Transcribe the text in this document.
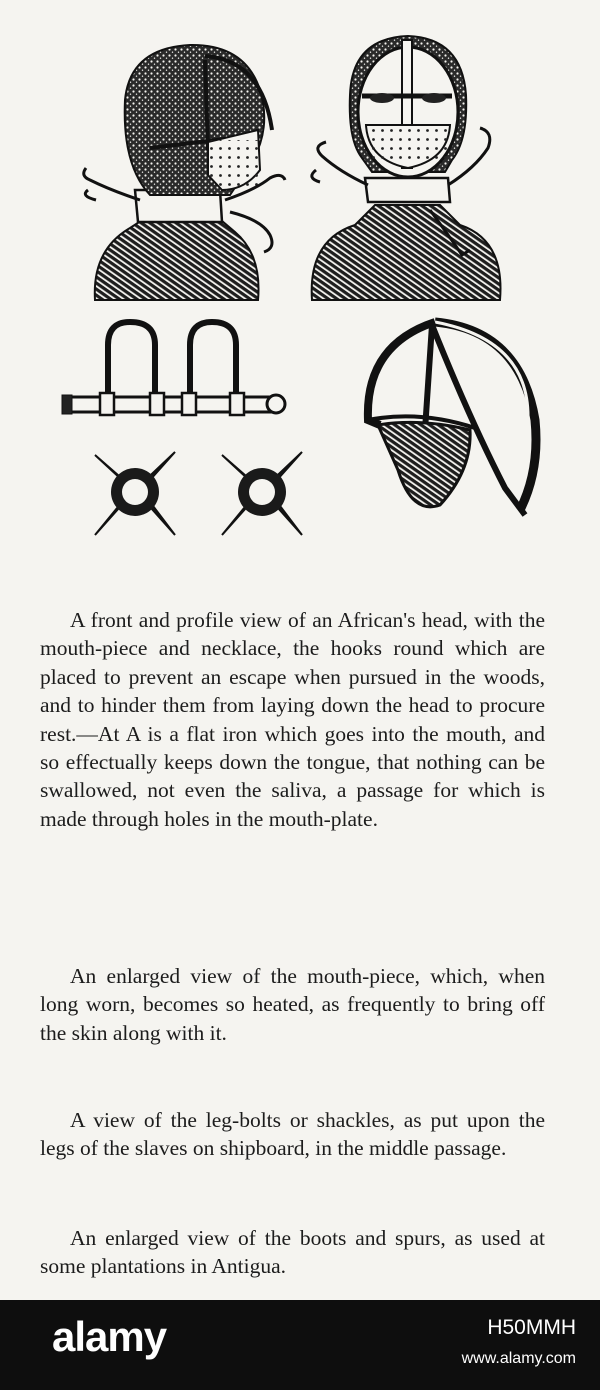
A front and profile view of an African's head, with the mouth-piece and necklace, the hooks round which are placed to prevent an escape when pursued in the woods, and to hinder them from laying down the head to procure rest.—At A is a flat iron which goes into the mouth, and so effectually keeps down the tongue, that nothing can be swallowed, not even the saliva, a passage for which is made through holes in the mouth-plate.

An enlarged view of the mouth-piece, which, when long worn, becomes so heated, as frequently to bring off the skin along with it.

A view of the leg-bolts or shackles, as put upon the legs of the slaves on shipboard, in the middle passage.

An enlarged view of the boots and spurs, as used at some plantations in Antigua.

alamy	H50MMH
www.alamy.com
